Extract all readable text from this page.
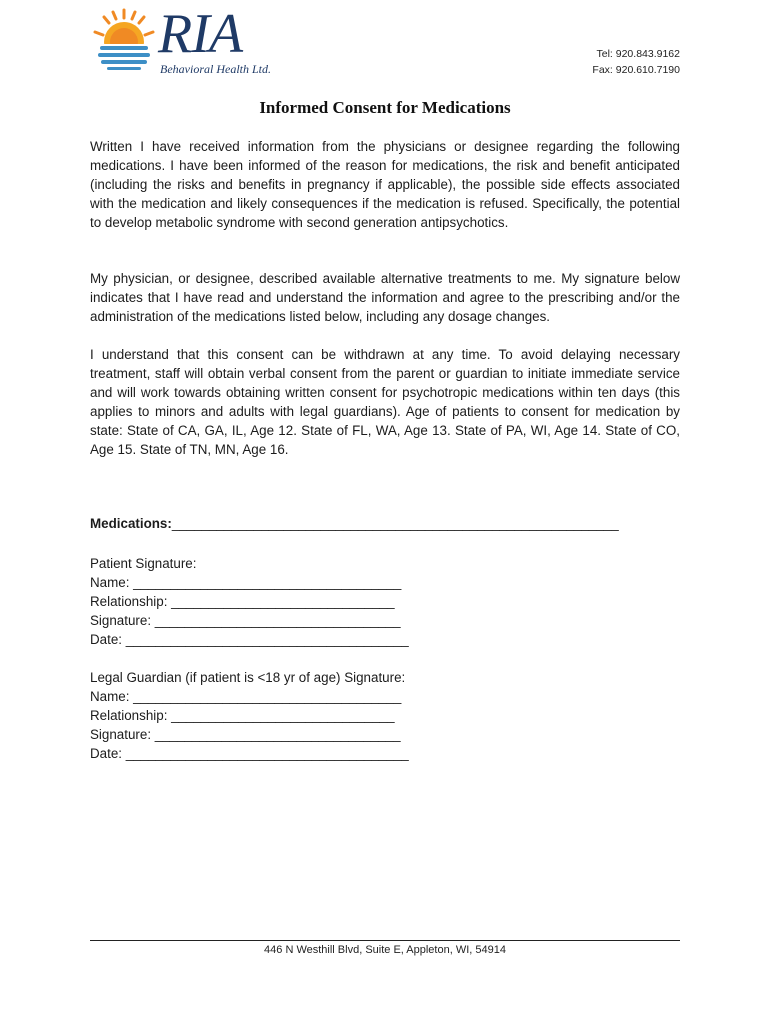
RIA
Behavioral Health Ltd.
Tel: 920.843.9162
Fax: 920.610.7190
Informed Consent for Medications
Written I have received information from the physicians or designee regarding the following medications. I have been informed of the reason for medications, the risk and benefit anticipated (including the risks and benefits in pregnancy if applicable), the possible side effects associated with the medication and likely consequences if the medication is refused. Specifically, the potential to develop metabolic syndrome with second generation antipsychotics.
My physician, or designee, described available alternative treatments to me. My signature below indicates that I have read and understand the information and agree to the prescribing and/or the administration of the medications listed below, including any dosage changes.
I understand that this consent can be withdrawn at any time. To avoid delaying necessary treatment, staff will obtain verbal consent from the parent or guardian to initiate immediate service and will work towards obtaining written consent for psychotropic medications within ten days (this applies to minors and adults with legal guardians). Age of patients to consent for medication by state: State of CA, GA, IL, Age 12. State of FL, WA, Age 13. State of PA, WI, Age 14. State of CO, Age 15. State of TN, MN, Age 16.
Medications:____________________________________________________________
Patient Signature:
Name: ____________________________________
Relationship: ______________________________
Signature: _________________________________
Date: ______________________________________
Legal Guardian (if patient is <18 yr of age) Signature:
Name: ____________________________________
Relationship: ______________________________
Signature: _________________________________
Date: ______________________________________
446 N Westhill Blvd, Suite E, Appleton, WI, 54914
